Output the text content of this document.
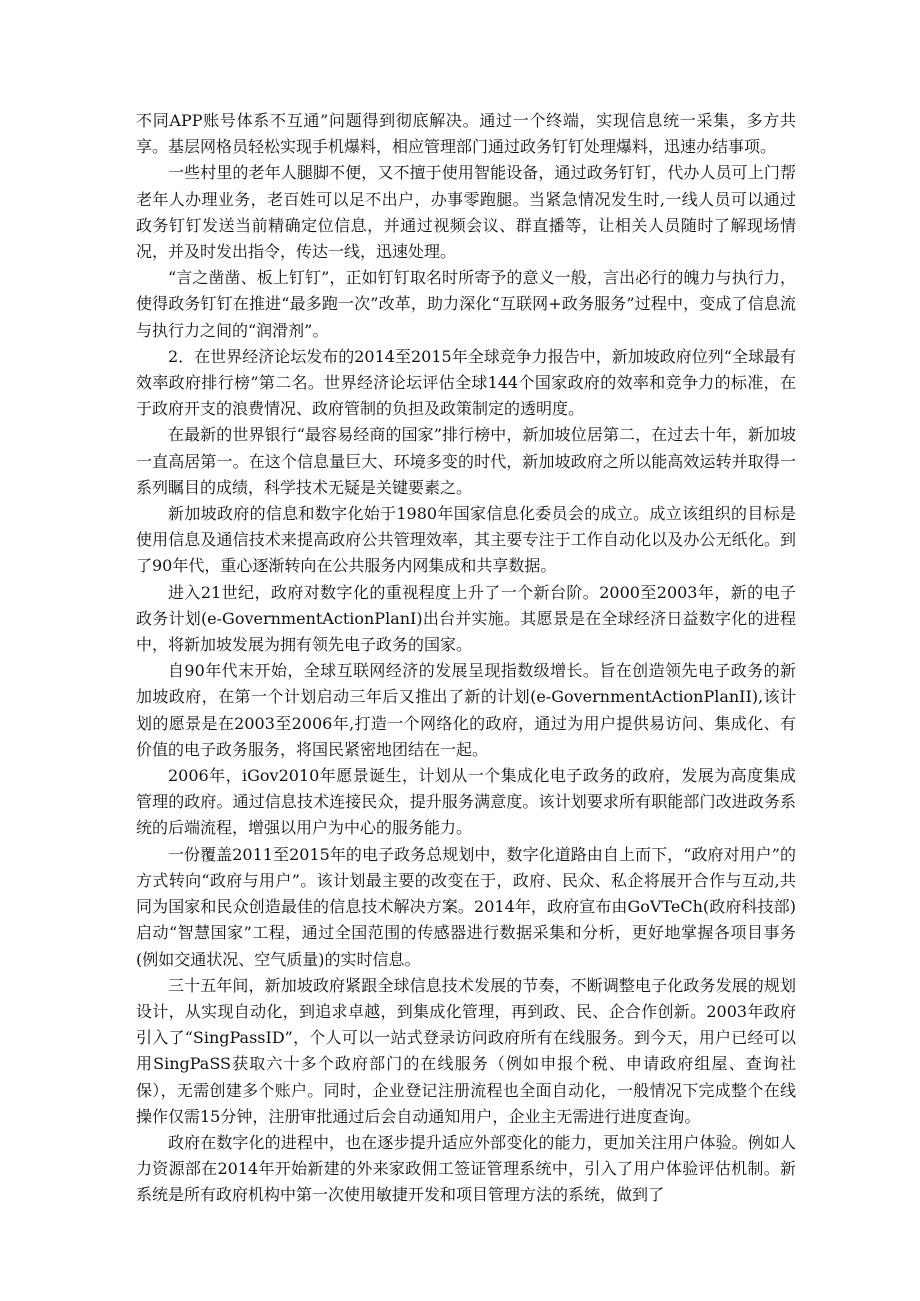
不同APP账号体系不互通”问题得到彻底解决。通过一个终端，实现信息统一采集，多方共享。基层网格员轻松实现手机爆料，相应管理部门通过政务钉钉处理爆料，迅速办结事项。

一些村里的老年人腿脚不便，又不擅于使用智能设备，通过政务钉钉，代办人员可上门帮老年人办理业务，老百姓可以足不出户，办事零跑腿。当紧急情况发生时,一线人员可以通过政务钉钉发送当前精确定位信息，并通过视频会议、群直播等，让相关人员随时了解现场情况，并及时发出指令，传达一线，迅速处理。

“言之凿凿、板上钉钉”，正如钉钉取名时所寄予的意义一般，言出必行的魄力与执行力，使得政务钉钉在推进“最多跑一次”改革，助力深化“互联网+政务服务”过程中，变成了信息流与执行力之间的“润滑剂”。

2．在世界经济论坛发布的2014至2015年全球竞争力报告中，新加坡政府位列“全球最有效率政府排行榜”第二名。世界经济论坛评估全球144个国家政府的效率和竞争力的标准，在于政府开支的浪费情况、政府管制的负担及政策制定的透明度。

在最新的世界银行“最容易经商的国家”排行榜中，新加坡位居第二，在过去十年，新加坡一直高居第一。在这个信息量巨大、环境多变的时代，新加坡政府之所以能高效运转并取得一系列瞩目的成绩，科学技术无疑是关键要素之。

新加坡政府的信息和数字化始于1980年国家信息化委员会的成立。成立该组织的目标是使用信息及通信技术来提高政府公共管理效率，其主要专注于工作自动化以及办公无纸化。到了90年代，重心逐渐转向在公共服务内网集成和共享数据。

进入21世纪，政府对数字化的重视程度上升了一个新台阶。2000至2003年，新的电子政务计划(e-GovernmentActionPlanI)出台并实施。其愿景是在全球经济日益数字化的进程中，将新加坡发展为拥有领先电子政务的国家。

自90年代末开始，全球互联网经济的发展呈现指数级增长。旨在创造领先电子政务的新加坡政府，在第一个计划启动三年后又推出了新的计划(e-GovernmentActionPlanII),该计划的愿景是在2003至2006年,打造一个网络化的政府，通过为用户提供易访问、集成化、有价值的电子政务服务，将国民紧密地团结在一起。

2006年，iGov2010年愿景诞生，计划从一个集成化电子政务的政府，发展为高度集成管理的政府。通过信息技术连接民众，提升服务满意度。该计划要求所有职能部门改进政务系统的后端流程，增强以用户为中心的服务能力。

一份覆盖2011至2015年的电子政务总规划中，数字化道路由自上而下，“政府对用户”的方式转向“政府与用户”。该计划最主要的改变在于，政府、民众、私企将展开合作与互动,共同为国家和民众创造最佳的信息技术解决方案。2014年，政府宣布由GoVTeCh(政府科技部)启动“智慧国家”工程，通过全国范围的传感器进行数据采集和分析，更好地掌握各项目事务(例如交通状况、空气质量)的实时信息。

三十五年间，新加坡政府紧跟全球信息技术发展的节奏，不断调整电子化政务发展的规划设计，从实现自动化，到追求卓越，到集成化管理，再到政、民、企合作创新。2003年政府引入了“SingPassID”，个人可以一站式登录访问政府所有在线服务。到今天，用户已经可以用SingPaSS获取六十多个政府部门的在线服务（例如申报个税、申请政府组屋、查询社保），无需创建多个账户。同时，企业登记注册流程也全面自动化，一般情况下完成整个在线操作仅需15分钟，注册审批通过后会自动通知用户，企业主无需进行进度查询。

政府在数字化的进程中，也在逐步提升适应外部变化的能力，更加关注用户体验。例如人力资源部在2014年开始新建的外来家政佣工签证管理系统中，引入了用户体验评估机制。新系统是所有政府机构中第一次使用敏捷开发和项目管理方法的系统，做到了
